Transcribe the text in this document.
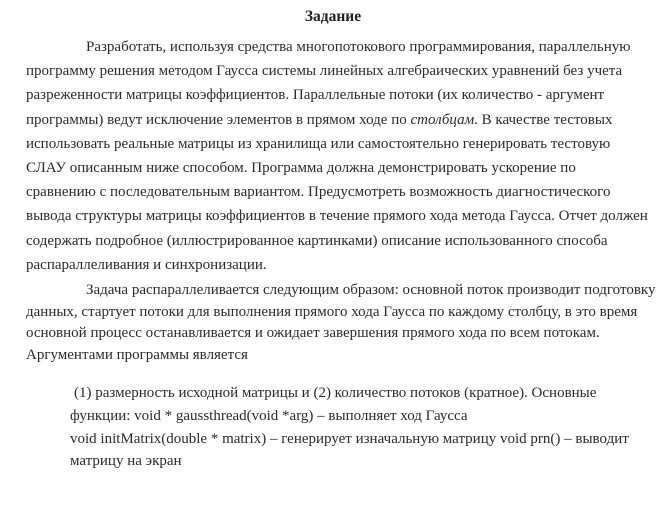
Задание
Разработать, используя средства многопотокового программирования, параллельную
программу решения методом Гаусса системы линейных алгебраических уравнений без учета
разреженности матрицы коэффициентов. Параллельные потоки (их количество - аргумент
программы) ведут исключение элементов в прямом ходе по столбцам. В качестве тестовых
использовать реальные матрицы из хранилища или самостоятельно генерировать тестовую
СЛАУ описанным ниже способом. Программа должна демонстрировать ускорение по
сравнению с последовательным вариантом. Предусмотреть возможность диагностического
вывода структуры матрицы коэффициентов в течение прямого хода метода Гаусса. Отчет должен
содержать подробное (иллюстрированное картинками) описание использованного способа
распараллеливания и синхронизации.
Задача распараллеливается следующим образом: основной поток производит подготовку
данных, стартует потоки для выполнения прямого хода Гаусса по каждому столбцу, в это время
основной процесс останавливается и ожидает завершения прямого хода по всем потокам.
Аргументами программы является
(1) размерность исходной матрицы и (2) количество потоков (кратное). Основные
функции: void * gaussthread(void *arg) – выполняет ход Гаусса
void initMatrix(double * matrix) – генерирует изначальную матрицу void prn() – выводит
матрицу на экран
